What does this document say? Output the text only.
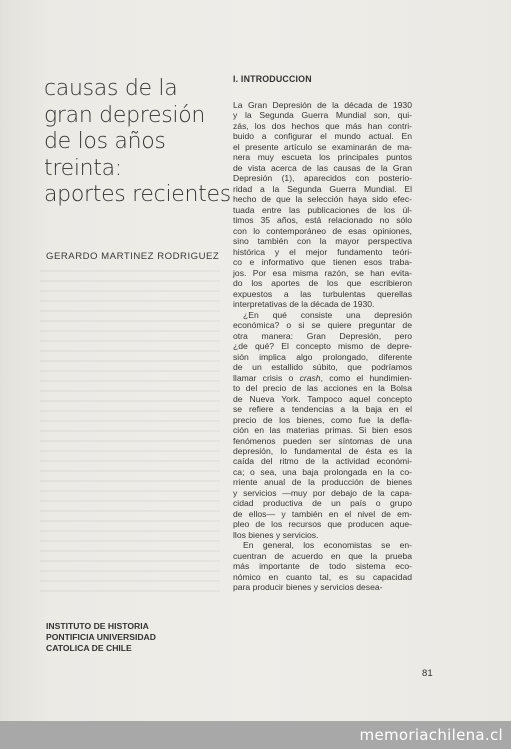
causas de la
gran depresión
de los años
treinta:
aportes recientes
GERARDO MARTINEZ RODRIGUEZ
INSTITUTO DE HISTORIA
PONTIFICIA UNIVERSIDAD
CATOLICA DE CHILE
I. INTRODUCCION
La Gran Depresión de la década de 1930
y la Segunda Guerra Mundial son, qui-
zás, los dos hechos que más han contri-
buido a configurar el mundo actual. En
el presente artículo se examinarán de ma-
nera muy escueta los principales puntos
de vista acerca de las causas de la Gran
Depresión (1), aparecidos con posterio-
ridad a la Segunda Guerra Mundial. El
hecho de que la selección haya sido efec-
tuada entre las publicaciones de los úl-
timos 35 años, está relacionado no sólo
con lo contemporáneo de esas opiniones,
sino también con la mayor perspectiva
histórica y el mejor fundamento teóri-
co e informativo que tienen esos traba-
jos. Por esa misma razón, se han evita-
do los aportes de los que escribieron
expuestos a las turbulentas querellas
interpretativas de la década de 1930.
¿En qué consiste una depresión
económica? o si se quiere preguntar de
otra manera: Gran Depresión, pero
¿de qué? El concepto mismo de depre-
sión implica algo prolongado, diferente
de un estallido súbito, que podríamos
llamar crisis o crash, como el hundimien-
to del precio de las acciones en la Bolsa
de Nueva York. Tampoco aquel concepto
se refiere a tendencias a la baja en el
precio de los bienes, como fue la defla-
ción en las materias primas. Si bien esos
fenómenos pueden ser síntomas de una
depresión, lo fundamental de ésta es la
caída del ritmo de la actividad económi-
ca; o sea, una baja prolongada en la co-
rriente anual de la producción de bienes
y servicios —muy por debajo de la capa-
cidad productiva de un país o grupo
de ellos— y también en el nivel de em-
pleo de los recursos que producen aque-
llos bienes y servicios.
En general, los economistas se en-
cuentran de acuerdo en que la prueba
más importante de todo sistema eco-
nómico en cuanto tal, es su capacidad
para producir bienes y servicios desea-
81
memoriachilena.cl
